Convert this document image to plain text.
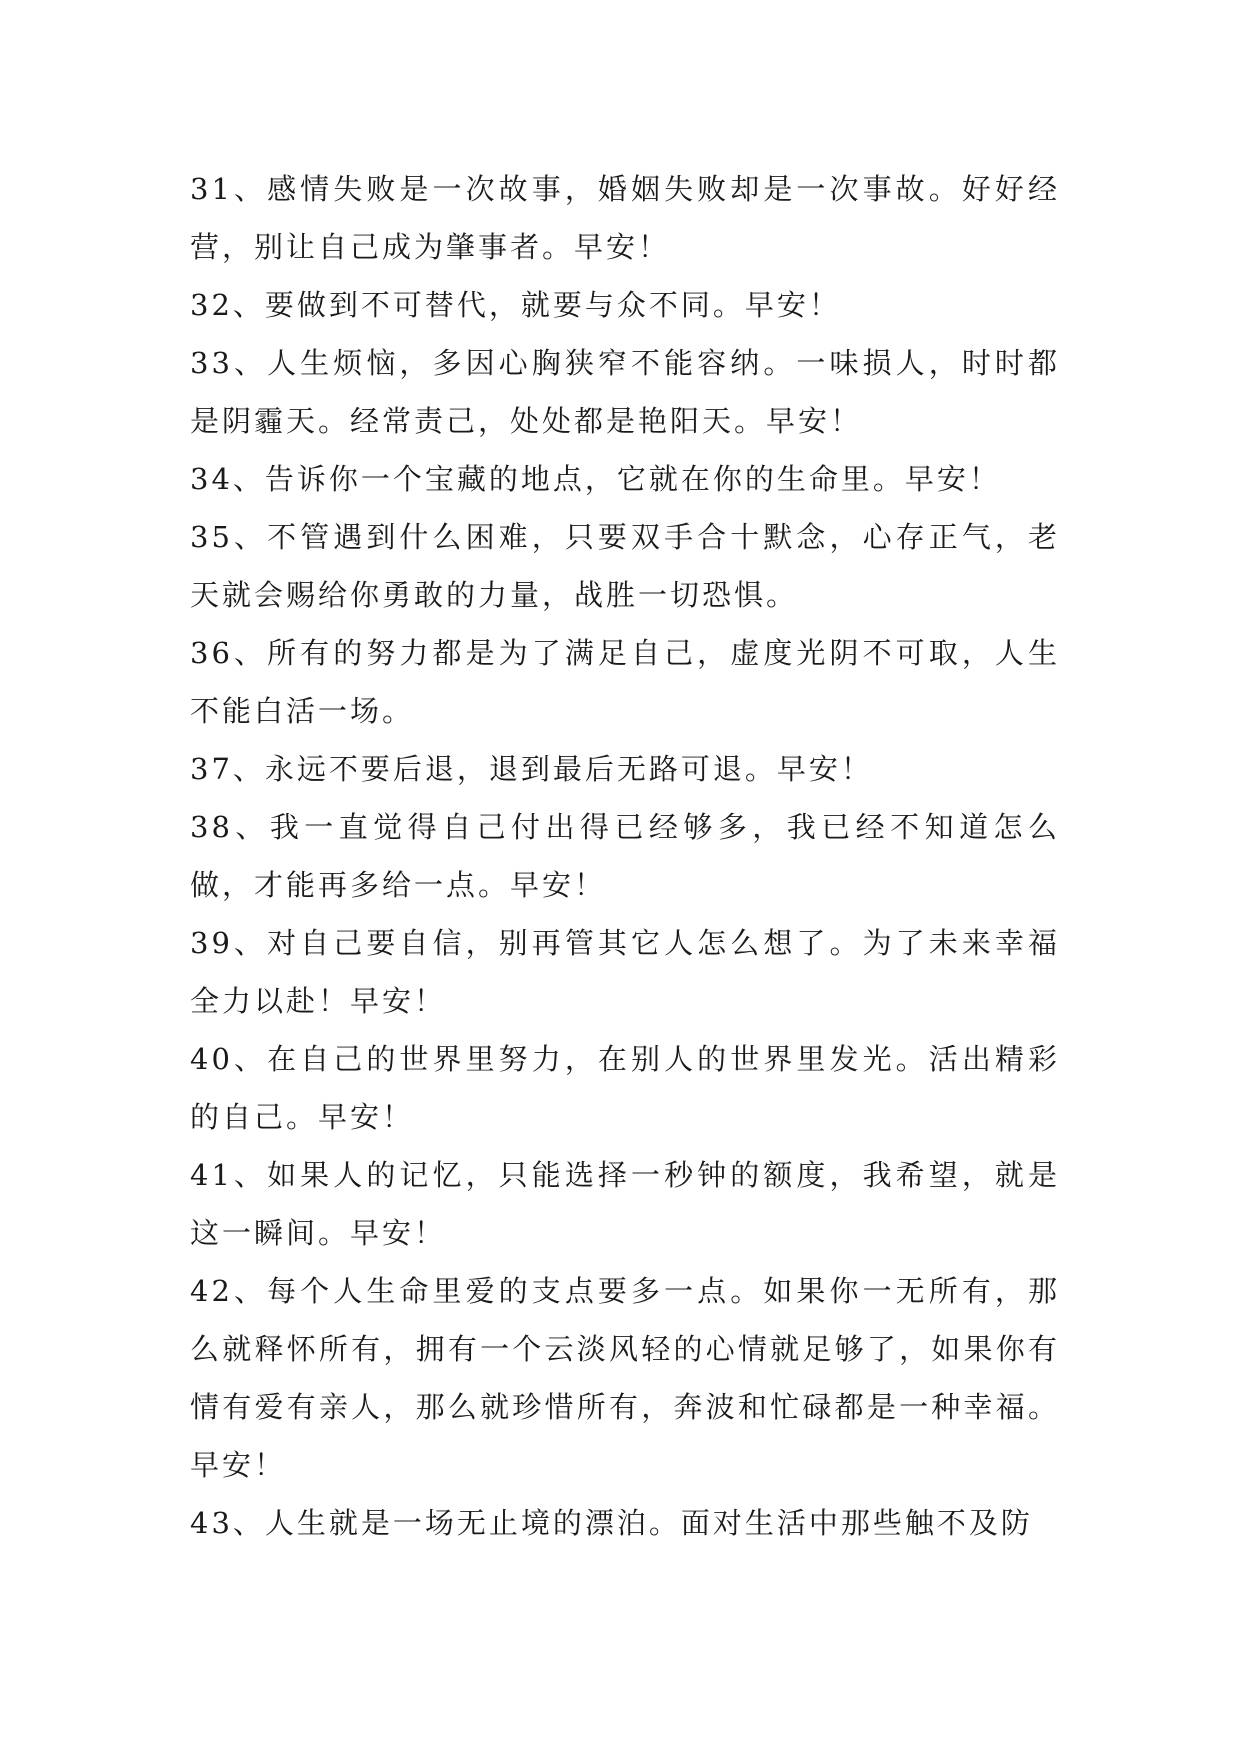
31、感情失败是一次故事，婚姻失败却是一次事故。好好经营，别让自己成为肇事者。早安！

32、要做到不可替代，就要与众不同。早安！

33、人生烦恼，多因心胸狭窄不能容纳。一味损人，时时都是阴霾天。经常责己，处处都是艳阳天。早安！

34、告诉你一个宝藏的地点，它就在你的生命里。早安！

35、不管遇到什么困难，只要双手合十默念，心存正气，老天就会赐给你勇敢的力量，战胜一切恐惧。

36、所有的努力都是为了满足自己，虚度光阴不可取，人生不能白活一场。

37、永远不要后退，退到最后无路可退。早安！

38、我一直觉得自己付出得已经够多，我已经不知道怎么做，才能再多给一点。早安！

39、对自己要自信，别再管其它人怎么想了。为了未来幸福全力以赴！早安！

40、在自己的世界里努力，在别人的世界里发光。活出精彩的自己。早安！

41、如果人的记忆，只能选择一秒钟的额度，我希望，就是这一瞬间。早安！

42、每个人生命里爱的支点要多一点。如果你一无所有，那么就释怀所有，拥有一个云淡风轻的心情就足够了，如果你有情有爱有亲人，那么就珍惜所有，奔波和忙碌都是一种幸福。早安！

43、人生就是一场无止境的漂泊。面对生活中那些触不及防
